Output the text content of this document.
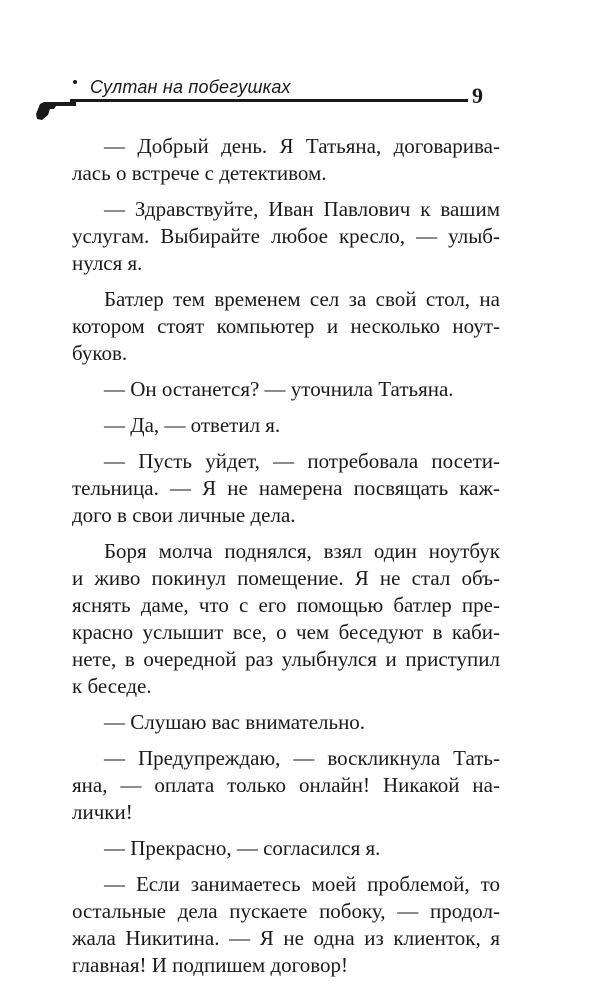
Султан на побегушках	9

— Добрый день. Я Татьяна, договарива-
лась о встрече с детективом.

— Здравствуйте, Иван Павлович к вашим
услугам. Выбирайте любое кресло, — улыб-
нулся я.

Батлер тем временем сел за свой стол, на
котором стоят компьютер и несколько ноут-
буков.

— Он останется? — уточнила Татьяна.

— Да, — ответил я.

— Пусть уйдет, — потребовала посети-
тельница. — Я не намерена посвящать каж-
дого в свои личные дела.

Боря молча поднялся, взял один ноутбук
и живо покинул помещение. Я не стал объ-
яснять даме, что с его помощью батлер пре-
красно услышит все, о чем беседуют в каби-
нете, в очередной раз улыбнулся и приступил
к беседе.

— Слушаю вас внимательно.

— Предупреждаю, — воскликнула Тать-
яна, — оплата только онлайн! Никакой на-
лички!

— Прекрасно, — согласился я.

— Если занимаетесь моей проблемой, то
остальные дела пускаете побоку, — продол-
жала Никитина. — Я не одна из клиенток, я
главная! И подпишем договор!
